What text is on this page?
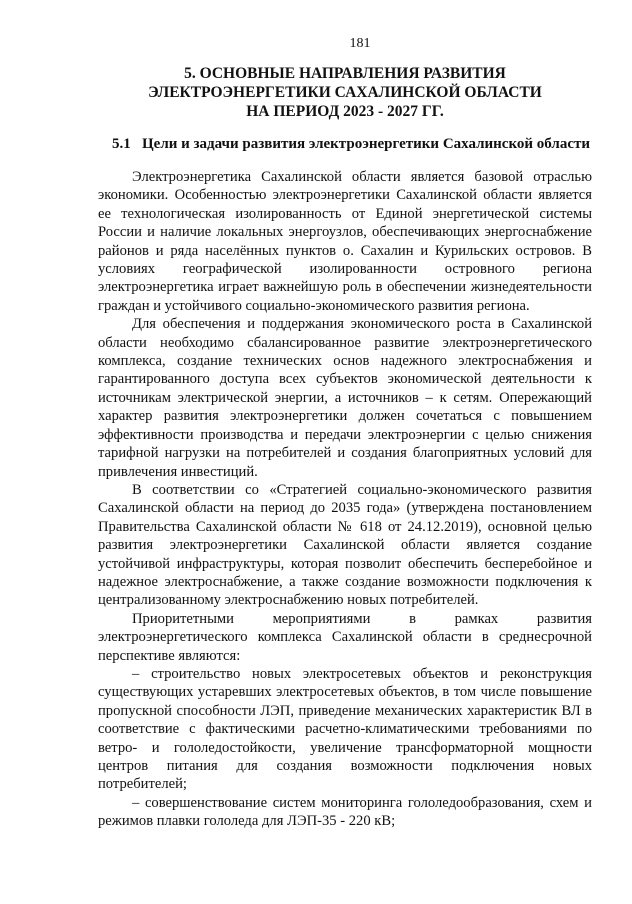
181
5. ОСНОВНЫЕ НАПРАВЛЕНИЯ РАЗВИТИЯ
ЭЛЕКТРОЭНЕРГЕТИКИ САХАЛИНСКОЙ ОБЛАСТИ
НА ПЕРИОД 2023 - 2027 ГГ.
5.1 Цели и задачи развития электроэнергетики Сахалинской области

Электроэнергетика Сахалинской области является базовой отраслью экономики. Особенностью электроэнергетики Сахалинской области является ее технологическая изолированность от Единой энергетической системы России и наличие локальных энергоузлов, обеспечивающих энергоснабжение районов и ряда населённых пунктов о. Сахалин и Курильских островов. В условиях географической изолированности островного региона электроэнергетика играет важнейшую роль в обеспечении жизнедеятельности граждан и устойчивого социально-экономического развития региона.

Для обеспечения и поддержания экономического роста в Сахалинской области необходимо сбалансированное развитие электроэнергетического комплекса, создание технических основ надежного электроснабжения и гарантированного доступа всех субъектов экономической деятельности к источникам электрической энергии, а источников – к сетям. Опережающий характер развития электроэнергетики должен сочетаться с повышением эффективности производства и передачи электроэнергии с целью снижения тарифной нагрузки на потребителей и создания благоприятных условий для привлечения инвестиций.

В соответствии со «Стратегией социально-экономического развития Сахалинской области на период до 2035 года» (утверждена постановлением Правительства Сахалинской области № 618 от 24.12.2019), основной целью развития электроэнергетики Сахалинской области является создание устойчивой инфраструктуры, которая позволит обеспечить бесперебойное и надежное электроснабжение, а также создание возможности подключения к централизованному электроснабжению новых потребителей.

Приоритетными мероприятиями в рамках развития электроэнергетического комплекса Сахалинской области в среднесрочной перспективе являются:

– строительство новых электросетевых объектов и реконструкция существующих устаревших электросетевых объектов, в том числе повышение пропускной способности ЛЭП, приведение механических характеристик ВЛ в соответствие с фактическими расчетно-климатическими требованиями по ветро- и гололедостойкости, увеличение трансформаторной мощности центров питания для создания возможности подключения новых потребителей;

– совершенствование систем мониторинга гололедообразования, схем и режимов плавки гололеда для ЛЭП-35 - 220 кВ;
